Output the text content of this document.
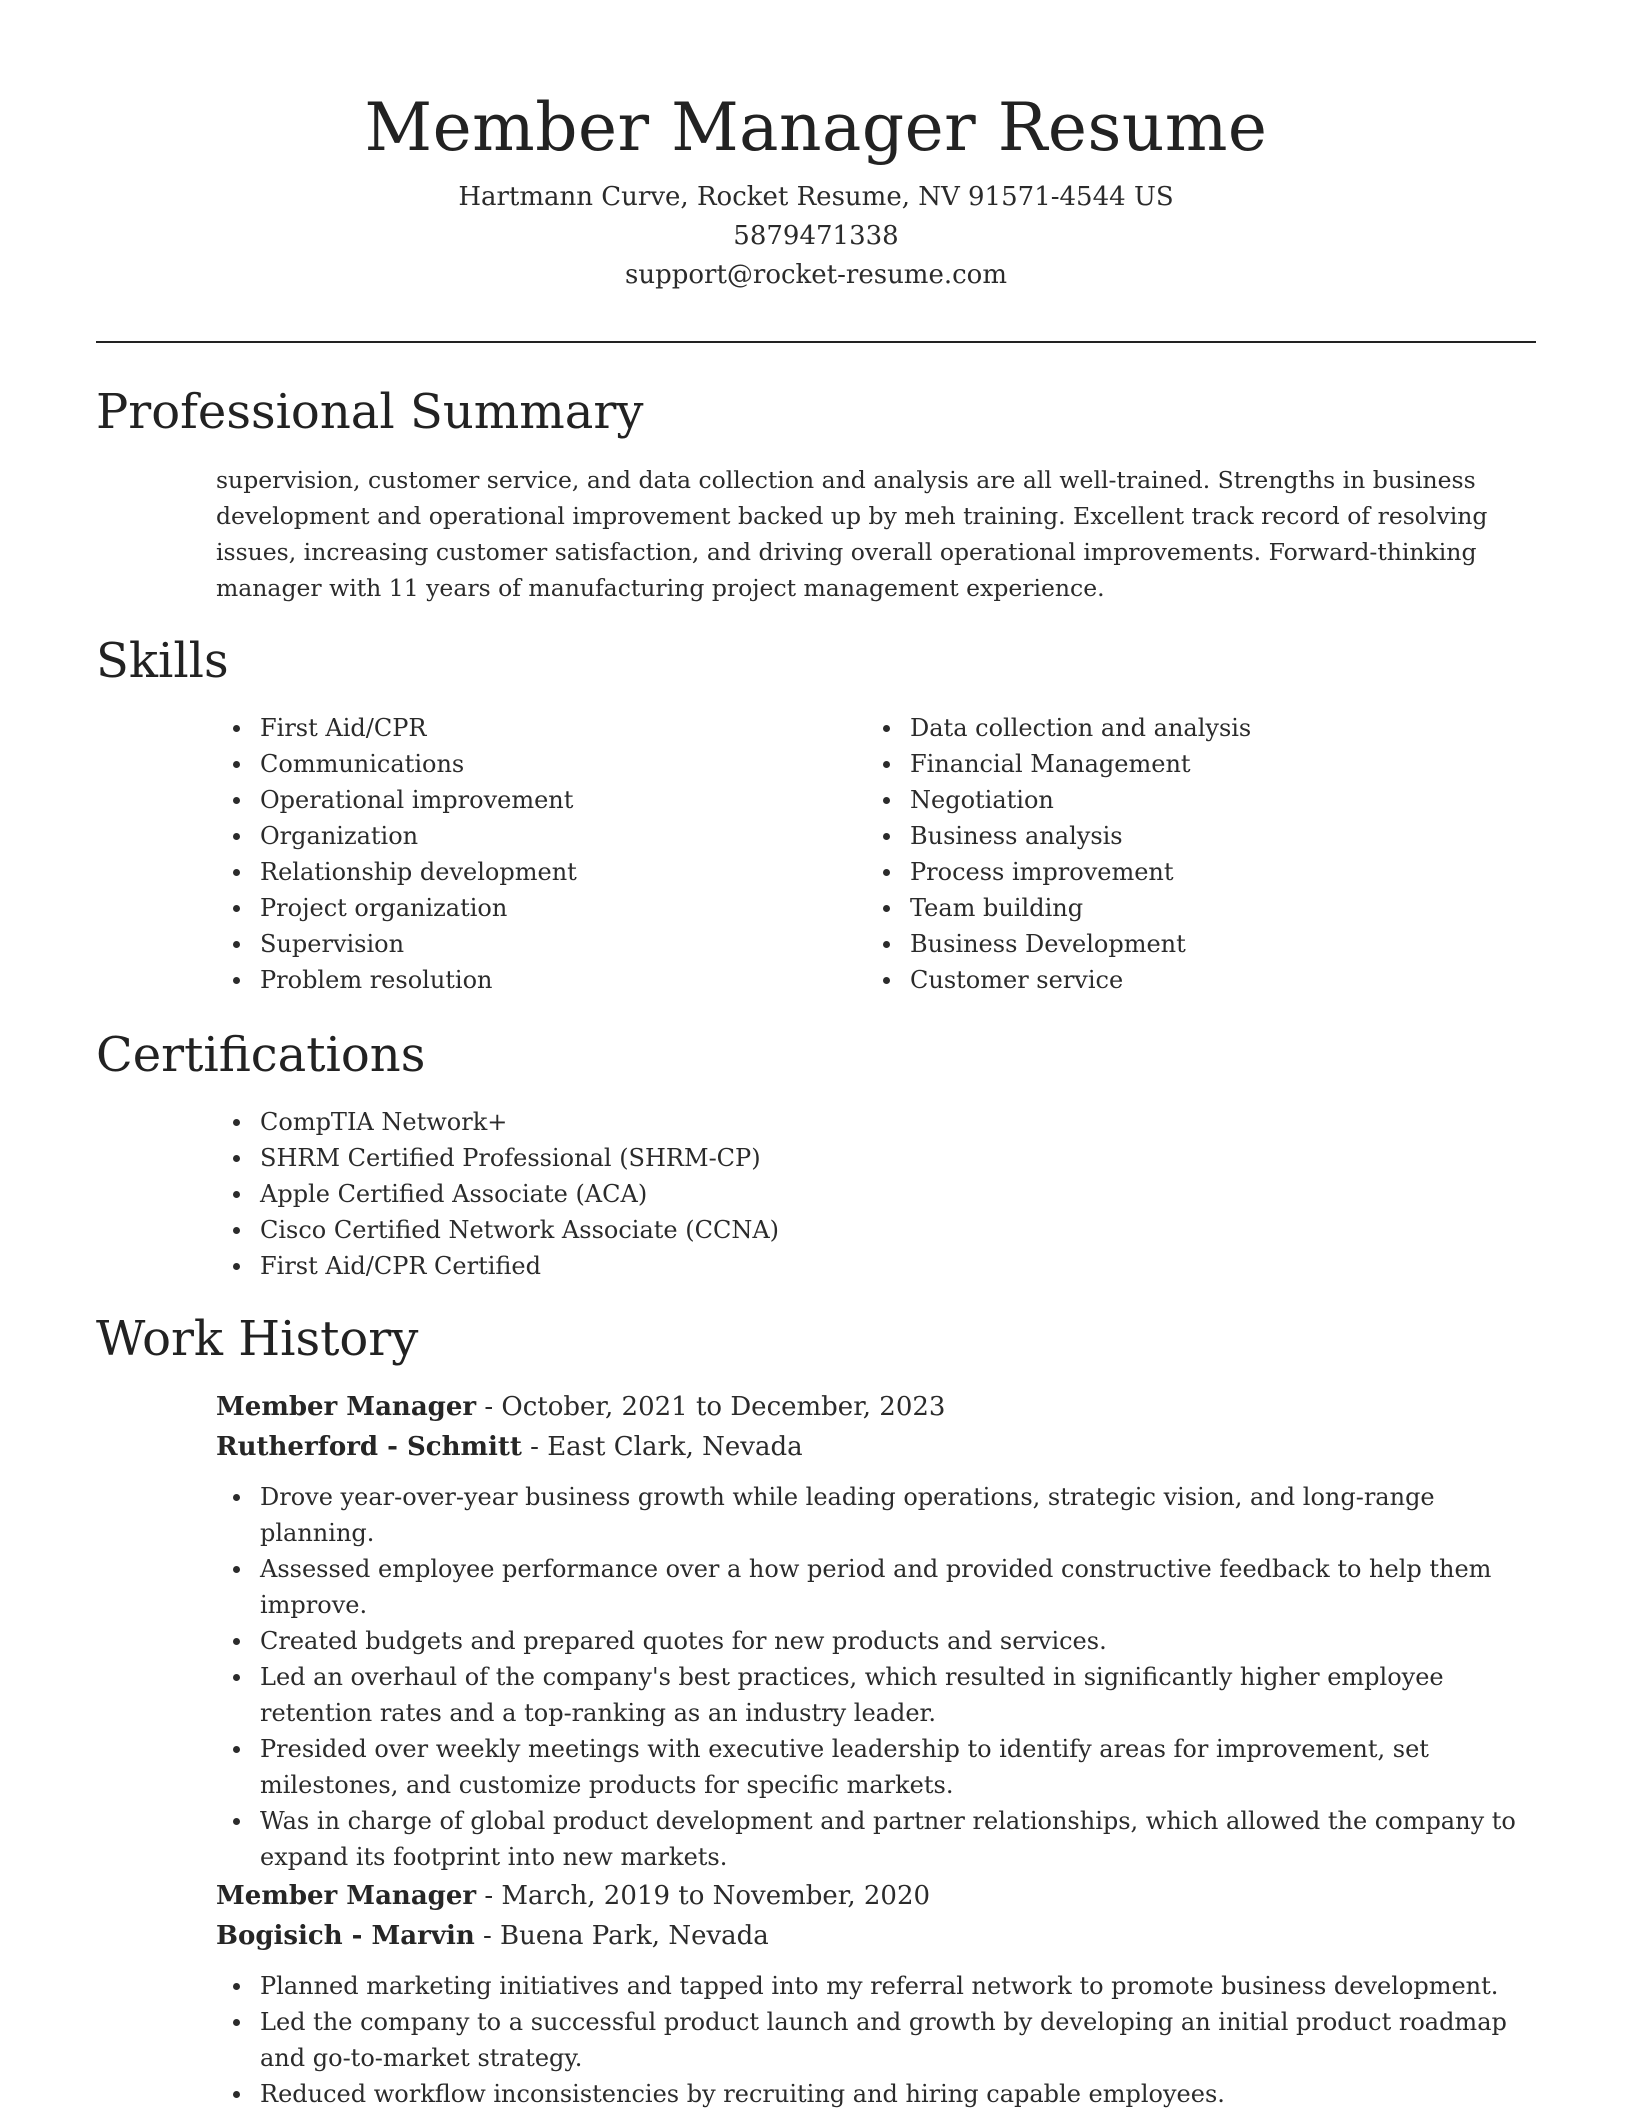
Member Manager Resume
Hartmann Curve, Rocket Resume, NV 91571-4544 US
5879471338
support@rocket-resume.com
Professional Summary

supervision, customer service, and data collection and analysis are all well-trained. Strengths in business development and operational improvement backed up by meh training. Excellent track record of resolving issues, increasing customer satisfaction, and driving overall operational improvements. Forward-thinking manager with 11 years of manufacturing project management experience.

Skills
First Aid/CPR
Communications
Operational improvement
Organization
Relationship development
Project organization
Supervision
Problem resolution
Data collection and analysis
Financial Management
Negotiation
Business analysis
Process improvement
Team building
Business Development
Customer service
Certifications
CompTIA Network+
SHRM Certified Professional (SHRM-CP)
Apple Certified Associate (ACA)
Cisco Certified Network Associate (CCNA)
First Aid/CPR Certified
Work History
Member Manager - October, 2021 to December, 2023
Rutherford - Schmitt - East Clark, Nevada
Drove year-over-year business growth while leading operations, strategic vision, and long-range planning.
Assessed employee performance over a how period and provided constructive feedback to help them improve.
Created budgets and prepared quotes for new products and services.
Led an overhaul of the company's best practices, which resulted in significantly higher employee retention rates and a top-ranking as an industry leader.
Presided over weekly meetings with executive leadership to identify areas for improvement, set milestones, and customize products for specific markets.
Was in charge of global product development and partner relationships, which allowed the company to expand its footprint into new markets.
Member Manager - March, 2019 to November, 2020
Bogisich - Marvin - Buena Park, Nevada
Planned marketing initiatives and tapped into my referral network to promote business development.
Led the company to a successful product launch and growth by developing an initial product roadmap and go-to-market strategy.
Reduced workflow inconsistencies by recruiting and hiring capable employees.
